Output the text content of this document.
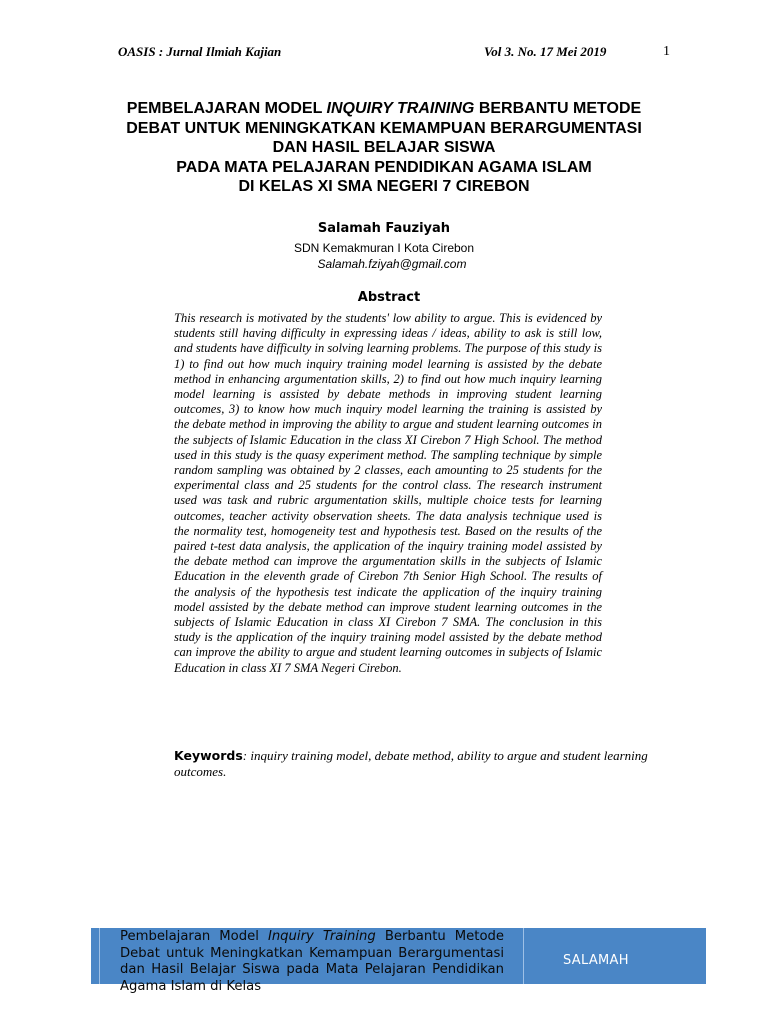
OASIS : Jurnal Ilmiah Kajian	Vol 3. No. 17 Mei 2019	1
PEMBELAJARAN MODEL INQUIRY TRAINING BERBANTU METODE
DEBAT UNTUK MENINGKATKAN KEMAMPUAN BERARGUMENTASI
DAN HASIL BELAJAR SISWA
PADA MATA PELAJARAN PENDIDIKAN AGAMA ISLAM
DI KELAS XI SMA NEGERI 7 CIREBON
Salamah Fauziyah
SDN Kemakmuran I Kota Cirebon
Salamah.fziyah@gmail.com
Abstract
This research is motivated by the students' low ability to argue. This is evidenced by students still having difficulty in expressing ideas / ideas, ability to ask is still low, and students have difficulty in solving learning problems. The purpose of this study is 1) to find out how much inquiry training model learning is assisted by the debate method in enhancing argumentation skills, 2) to find out how much inquiry learning model learning is assisted by debate methods in improving student learning outcomes, 3) to know how much inquiry model learning the training is assisted by the debate method in improving the ability to argue and student learning outcomes in the subjects of Islamic Education in the class XI Cirebon 7 High School. The method used in this study is the quasy experiment method. The sampling technique by simple random sampling was obtained by 2 classes, each amounting to 25 students for the experimental class and 25 students for the control class. The research instrument used was task and rubric argumentation skills, multiple choice tests for learning outcomes, teacher activity observation sheets. The data analysis technique used is the normality test, homogeneity test and hypothesis test. Based on the results of the paired t-test data analysis, the application of the inquiry training model assisted by the debate method can improve the argumentation skills in the subjects of Islamic Education in the eleventh grade of Cirebon 7th Senior High School. The results of the analysis of the hypothesis test indicate the application of the inquiry training model assisted by the debate method can improve student learning outcomes in the subjects of Islamic Education in class XI Cirebon 7 SMA. The conclusion in this study is the application of the inquiry training model assisted by the debate method can improve the ability to argue and student learning outcomes in subjects of Islamic Education in class XI 7 SMA Negeri Cirebon.
Keywords: inquiry training model, debate method, ability to argue and student learning outcomes.
Pembelajaran Model Inquiry Training Berbantu Metode Debat untuk Meningkatkan Kemampuan Berargumentasi dan Hasil Belajar Siswa pada Mata Pelajaran Pendidikan Agama Islam di Kelas
SALAMAH
